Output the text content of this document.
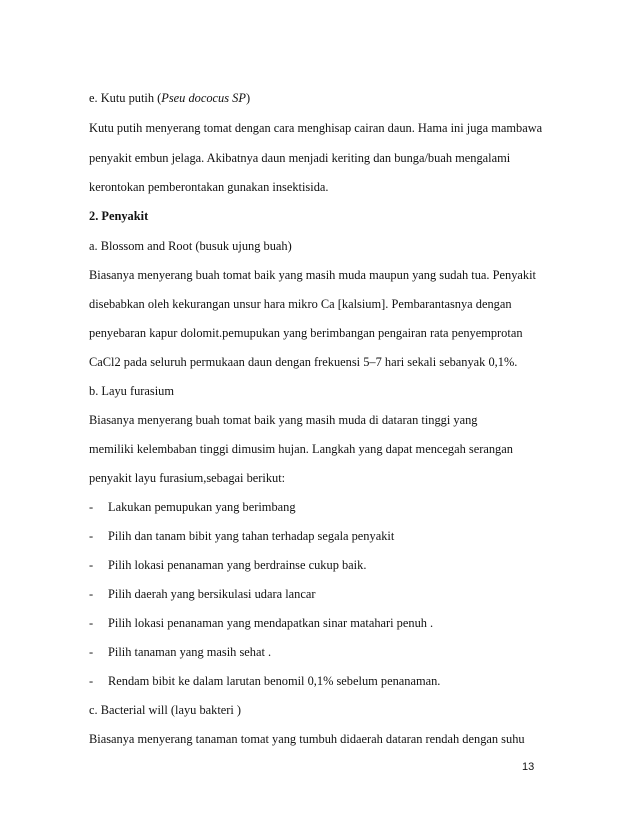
e. Kutu putih (Pseu dococus SP)
Kutu putih menyerang tomat dengan cara menghisap cairan daun. Hama ini juga mambawa
penyakit embun jelaga. Akibatnya daun menjadi keriting dan bunga/buah mengalami
kerontokan pemberontakan gunakan insektisida.
2. Penyakit
a. Blossom and Root (busuk ujung buah)
Biasanya menyerang buah tomat baik yang masih muda maupun yang sudah tua. Penyakit
disebabkan oleh kekurangan unsur hara mikro Ca [kalsium]. Pembarantasnya dengan
penyebaran kapur dolomit.pemupukan yang berimbangan pengairan rata penyemprotan
CaCl2 pada seluruh permukaan daun dengan frekuensi 5–7 hari sekali sebanyak 0,1%.
b. Layu furasium
Biasanya menyerang buah tomat baik yang masih muda di dataran tinggi yang
memiliki kelembaban tinggi dimusim hujan. Langkah yang dapat mencegah serangan
penyakit layu furasium,sebagai berikut:
- Lakukan pemupukan yang berimbang
- Pilih dan tanam bibit yang tahan terhadap segala penyakit
- Pilih lokasi penanaman yang berdrainse cukup baik.
- Pilih daerah yang bersikulasi udara lancar
- Pilih lokasi penanaman yang mendapatkan sinar matahari penuh .
- Pilih tanaman yang masih sehat .
- Rendam bibit ke dalam larutan benomil 0,1% sebelum penanaman.
c. Bacterial will (layu bakteri )
Biasanya menyerang tanaman tomat yang tumbuh didaerah dataran rendah dengan suhu
13
